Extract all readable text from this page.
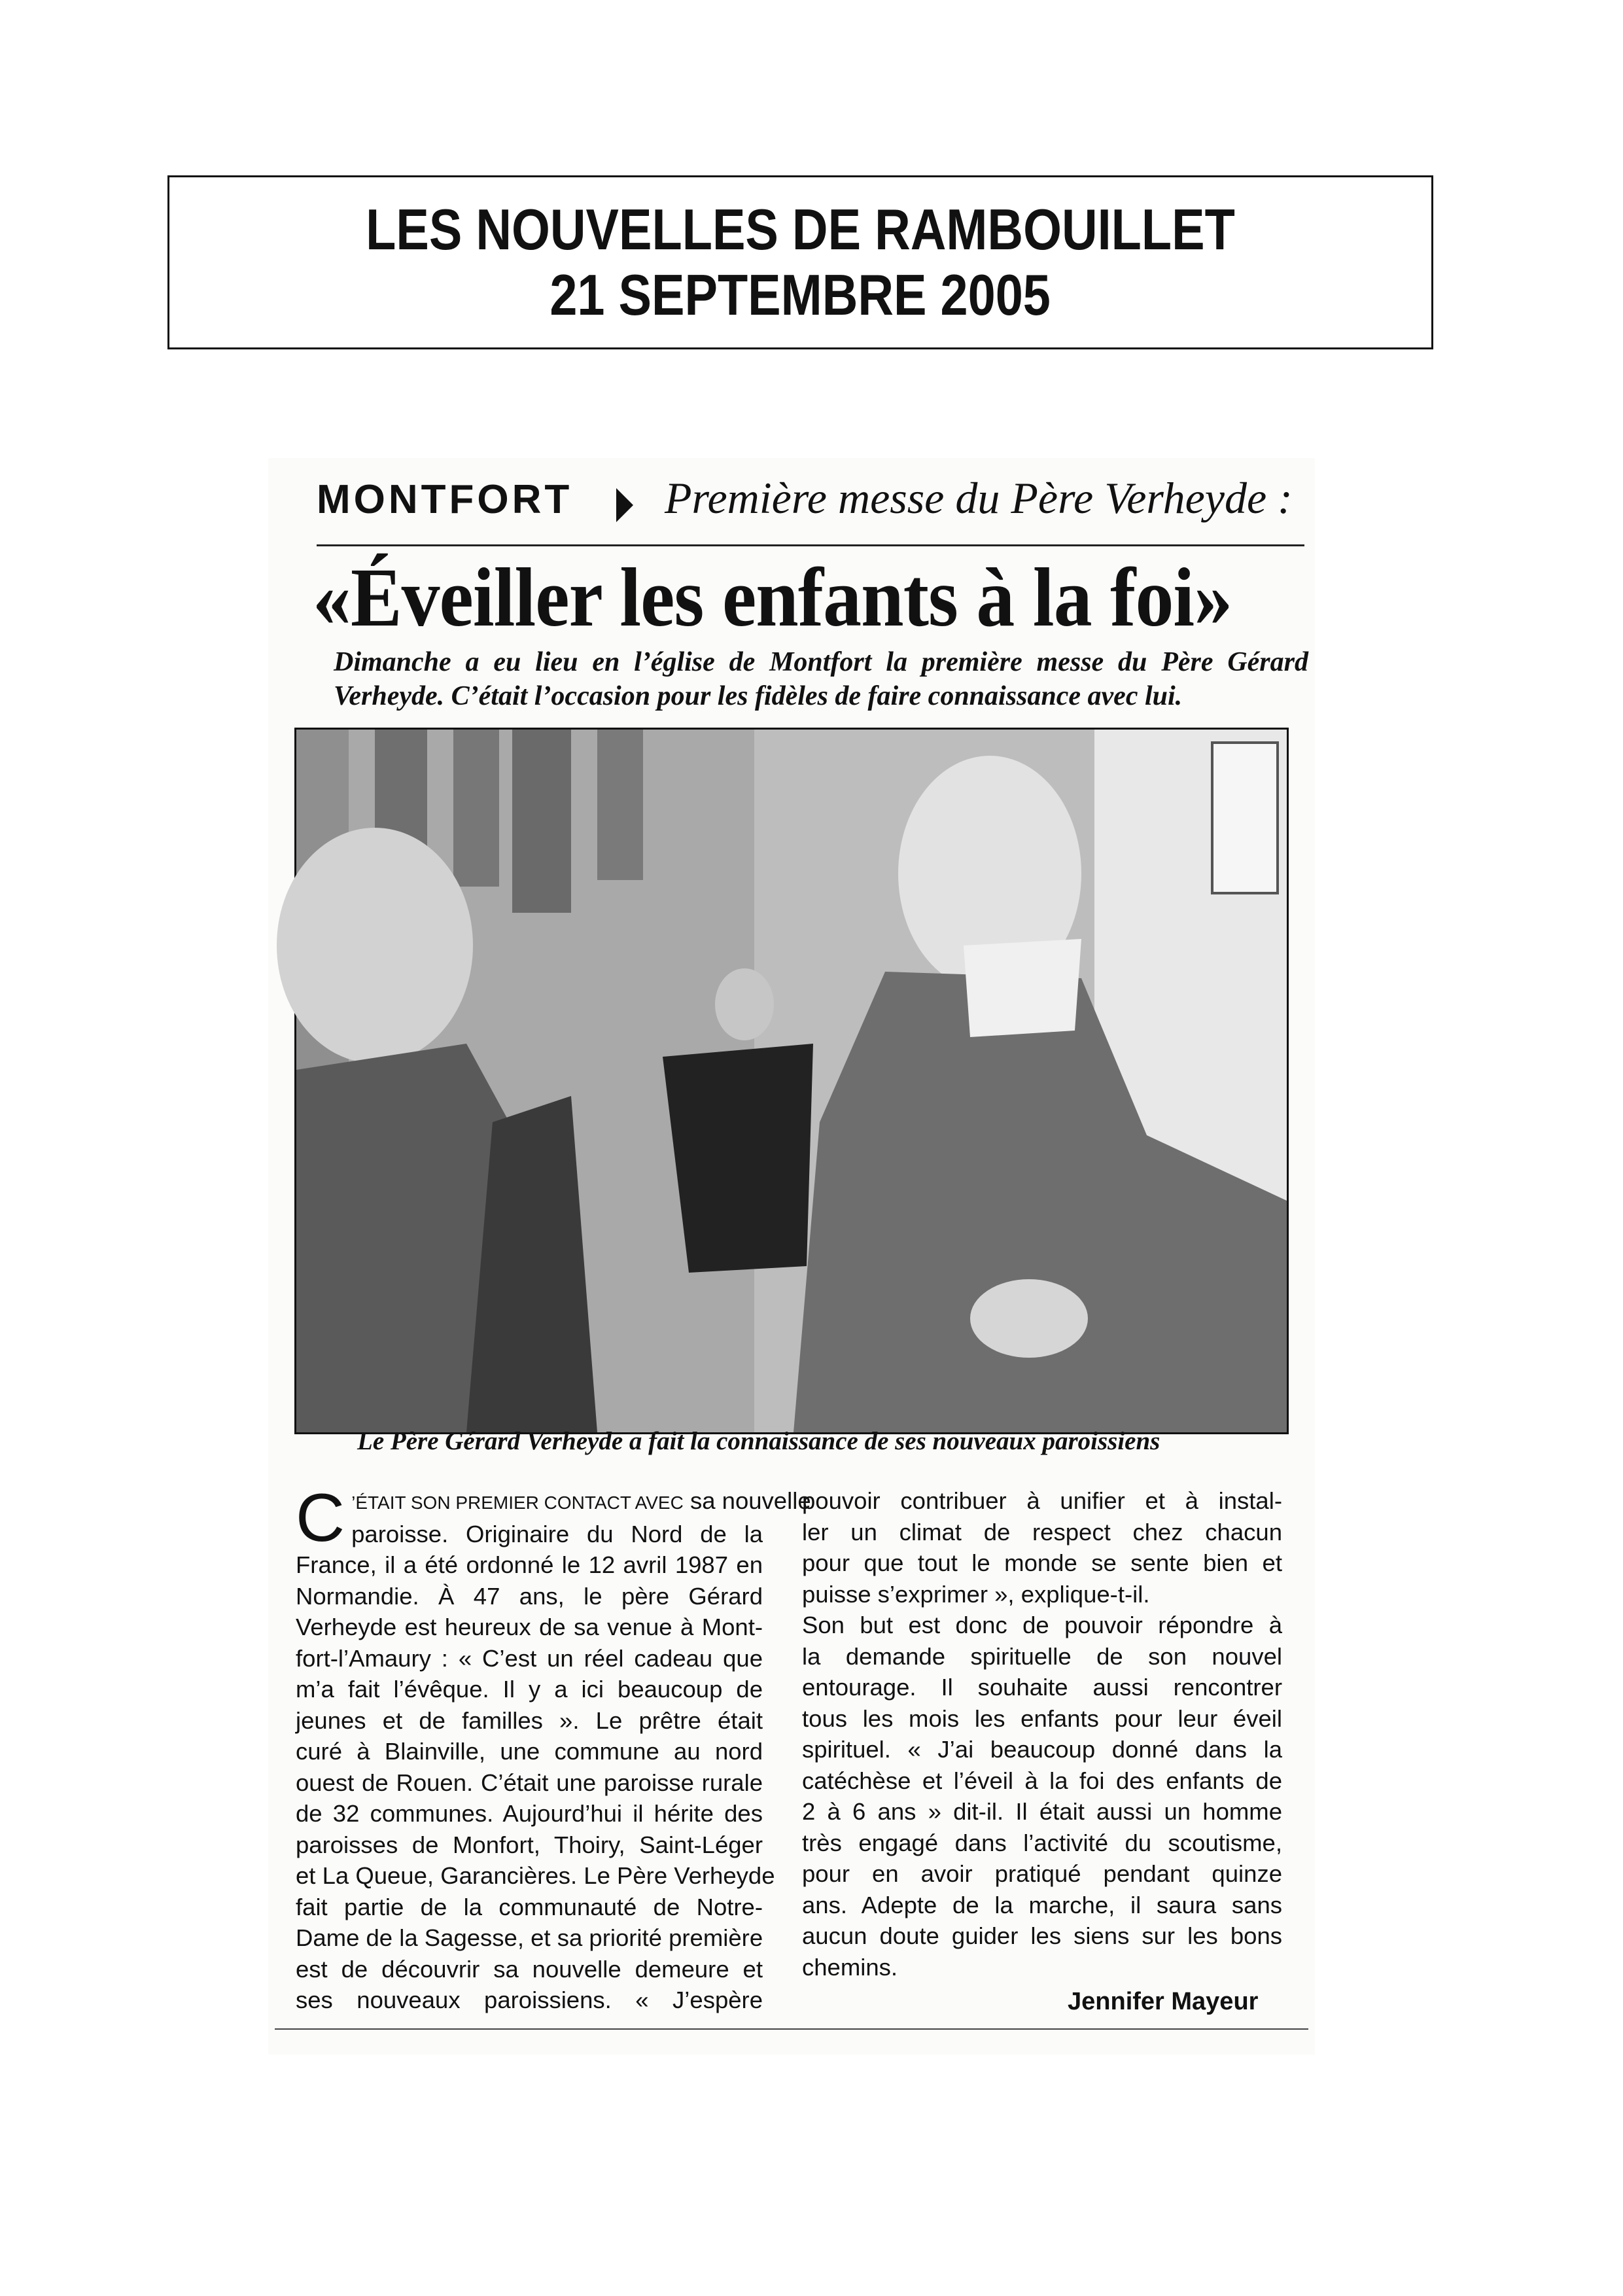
LES NOUVELLES DE RAMBOUILLET
21 SEPTEMBRE 2005
MONTFORT Première messe du Père Verheyde :
«Éveiller les enfants à la foi»
Dimanche a eu lieu en l’église de Montfort la première messe du Père Gérard
Verheyde. C’était l’occasion pour les fidèles de faire connaissance avec lui.
Le Père Gérard Verheyde a fait la connaissance de ses nouveaux paroissiens
C ’ÉTAIT SON PREMIER CONTACT AVEC sa nouvelle
paroisse. Originaire du Nord de la
France, il a été ordonné le 12 avril 1987 en
Normandie. À 47 ans, le père Gérard
Verheyde est heureux de sa venue à Mont-
fort-l’Amaury : « C’est un réel cadeau que
m’a fait l’évêque. Il y a ici beaucoup de
jeunes et de familles ». Le prêtre était
curé à Blainville, une commune au nord
ouest de Rouen. C’était une paroisse rurale
de 32 communes. Aujourd’hui il hérite des
paroisses de Monfort, Thoiry, Saint-Léger
et La Queue, Garancières. Le Père Verheyde
fait partie de la communauté de Notre-
Dame de la Sagesse, et sa priorité première
est de découvrir sa nouvelle demeure et
ses nouveaux paroissiens. « J’espère
pouvoir contribuer à unifier et à instal-
ler un climat de respect chez chacun
pour que tout le monde se sente bien et
puisse s’exprimer », explique-t-il.
Son but est donc de pouvoir répondre à
la demande spirituelle de son nouvel
entourage. Il souhaite aussi rencontrer
tous les mois les enfants pour leur éveil
spirituel. « J’ai beaucoup donné dans la
catéchèse et l’éveil à la foi des enfants de
2 à 6 ans » dit-il. Il était aussi un homme
très engagé dans l’activité du scoutisme,
pour en avoir pratiqué pendant quinze
ans. Adepte de la marche, il saura sans
aucun doute guider les siens sur les bons
chemins.
Jennifer Mayeur
